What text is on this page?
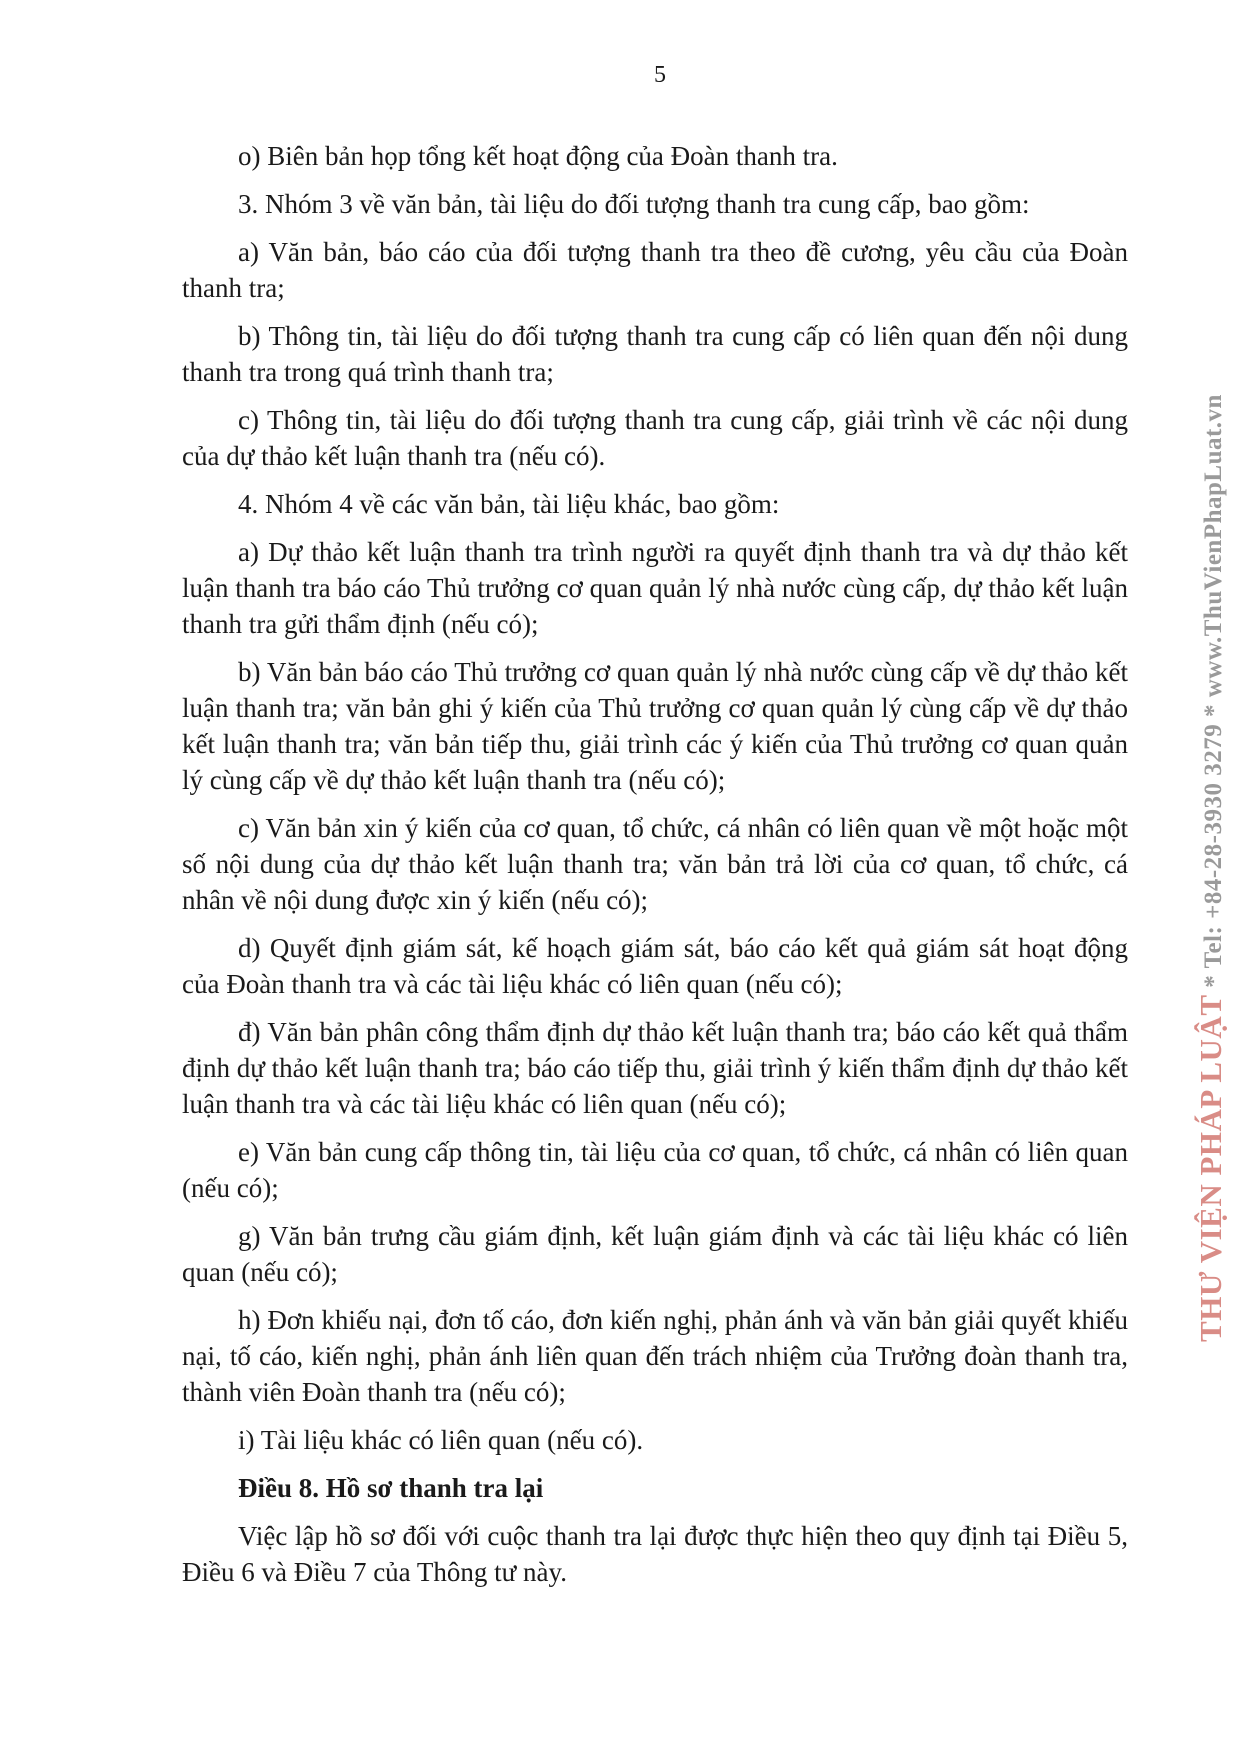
5

o) Biên bản họp tổng kết hoạt động của Đoàn thanh tra.

3. Nhóm 3 về văn bản, tài liệu do đối tượng thanh tra cung cấp, bao gồm:

a) Văn bản, báo cáo của đối tượng thanh tra theo đề cương, yêu cầu của Đoàn thanh tra;

b) Thông tin, tài liệu do đối tượng thanh tra cung cấp có liên quan đến nội dung thanh tra trong quá trình thanh tra;

c) Thông tin, tài liệu do đối tượng thanh tra cung cấp, giải trình về các nội dung của dự thảo kết luận thanh tra (nếu có).

4. Nhóm 4 về các văn bản, tài liệu khác, bao gồm:

a) Dự thảo kết luận thanh tra trình người ra quyết định thanh tra và dự thảo kết luận thanh tra báo cáo Thủ trưởng cơ quan quản lý nhà nước cùng cấp, dự thảo kết luận thanh tra gửi thẩm định (nếu có);

b) Văn bản báo cáo Thủ trưởng cơ quan quản lý nhà nước cùng cấp về dự thảo kết luận thanh tra; văn bản ghi ý kiến của Thủ trưởng cơ quan quản lý cùng cấp về dự thảo kết luận thanh tra; văn bản tiếp thu, giải trình các ý kiến của Thủ trưởng cơ quan quản lý cùng cấp về dự thảo kết luận thanh tra (nếu có);

c) Văn bản xin ý kiến của cơ quan, tổ chức, cá nhân có liên quan về một hoặc một số nội dung của dự thảo kết luận thanh tra; văn bản trả lời của cơ quan, tổ chức, cá nhân về nội dung được xin ý kiến (nếu có);

d) Quyết định giám sát, kế hoạch giám sát, báo cáo kết quả giám sát hoạt động của Đoàn thanh tra và các tài liệu khác có liên quan (nếu có);

đ) Văn bản phân công thẩm định dự thảo kết luận thanh tra; báo cáo kết quả thẩm định dự thảo kết luận thanh tra; báo cáo tiếp thu, giải trình ý kiến thẩm định dự thảo kết luận thanh tra và các tài liệu khác có liên quan (nếu có);

e) Văn bản cung cấp thông tin, tài liệu của cơ quan, tổ chức, cá nhân có liên quan (nếu có);

g) Văn bản trưng cầu giám định, kết luận giám định và các tài liệu khác có liên quan (nếu có);

h) Đơn khiếu nại, đơn tố cáo, đơn kiến nghị, phản ánh và văn bản giải quyết khiếu nại, tố cáo, kiến nghị, phản ánh liên quan đến trách nhiệm của Trưởng đoàn thanh tra, thành viên Đoàn thanh tra (nếu có);

i) Tài liệu khác có liên quan (nếu có).

Điều 8. Hồ sơ thanh tra lại

Việc lập hồ sơ đối với cuộc thanh tra lại được thực hiện theo quy định tại Điều 5, Điều 6 và Điều 7 của Thông tư này.

THƯ VIỆN PHÁP LUẬT * Tel: +84-28-3930 3279 * www.ThuVienPhapLuat.vn
